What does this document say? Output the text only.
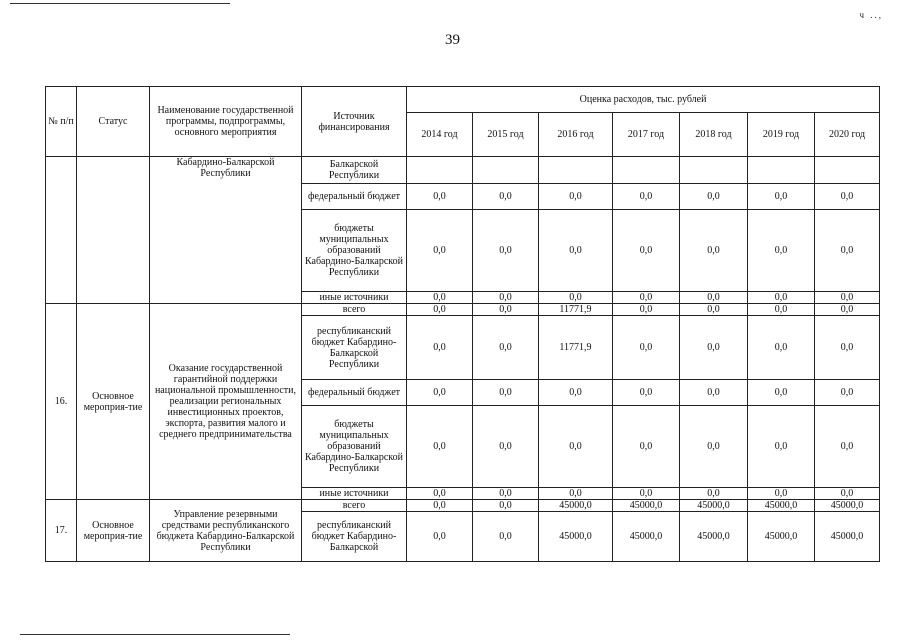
ч ..,
39
№ п/п	Статус	Наименование государственной программы, подпрограммы, основного мероприятия	Источник финансирования	Оценка расходов, тыс. рублей						
				2014 год	2015 год	2016 год	2017 год	2018 год	2019 год	2020 год
		Кабардино-Балкарской Республики	Балкарской Республики							
			федеральный бюджет	0,0	0,0	0,0	0,0	0,0	0,0	0,0
			бюджеты муниципальных образований Кабардино-Балкарской Республики	0,0	0,0	0,0	0,0	0,0	0,0	0,0
			иные источники	0,0	0,0	0,0	0,0	0,0	0,0	0,0
16.	Основное мероприя-тие	Оказание государственной гарантийной поддержки национальной промышленности, реализации региональных инвестиционных проектов, экспорта, развития малого и среднего предпринимательства	всего	0,0	0,0	11771,9	0,0	0,0	0,0	0,0
			республиканский бюджет Кабардино-Балкарской Республики	0,0	0,0	11771,9	0,0	0,0	0,0	0,0
			федеральный бюджет	0,0	0,0	0,0	0,0	0,0	0,0	0,0
			бюджеты муниципальных образований Кабардино-Балкарской Республики	0,0	0,0	0,0	0,0	0,0	0,0	0,0
			иные источники	0,0	0,0	0,0	0,0	0,0	0,0	0,0
17.	Основное мероприя-тие	Управление резервными средствами республиканского бюджета Кабардино-Балкарской Республики	всего	0,0	0,0	45000,0	45000,0	45000,0	45000,0	45000,0
			республиканский бюджет Кабардино-Балкарской	0,0	0,0	45000,0	45000,0	45000,0	45000,0	45000,0
